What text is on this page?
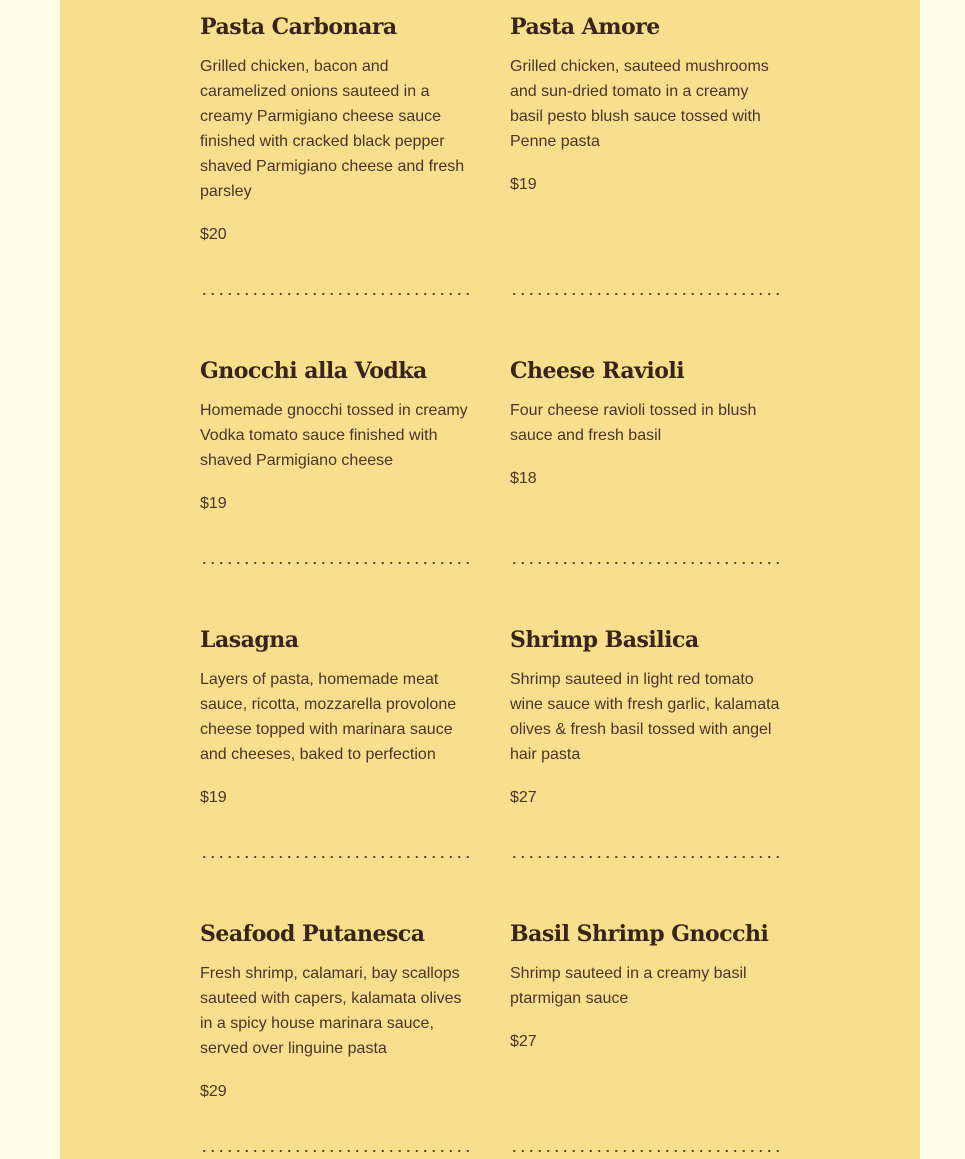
Pasta Carbonara

Grilled chicken, bacon and caramelized onions sauteed in a creamy Parmigiano cheese sauce finished with cracked black pepper shaved Parmigiano cheese and fresh parsley

$20

Pasta Amore

Grilled chicken, sauteed mushrooms and sun-dried tomato in a creamy basil pesto blush sauce tossed with Penne pasta

$19

Gnocchi alla Vodka

Homemade gnocchi tossed in creamy Vodka tomato sauce finished with shaved Parmigiano cheese

$19

Cheese Ravioli

Four cheese ravioli tossed in blush sauce and fresh basil

$18

Lasagna

Layers of pasta, homemade meat sauce, ricotta, mozzarella provolone cheese topped with marinara sauce and cheeses, baked to perfection

$19

Shrimp Basilica

Shrimp sauteed in light red tomato wine sauce with fresh garlic, kalamata olives & fresh basil tossed with angel hair pasta

$27

Seafood Putanesca

Fresh shrimp, calamari, bay scallops sauteed with capers, kalamata olives in a spicy house marinara sauce, served over linguine pasta

$29

Basil Shrimp Gnocchi

Shrimp sauteed in a creamy basil ptarmigan sauce

$27
